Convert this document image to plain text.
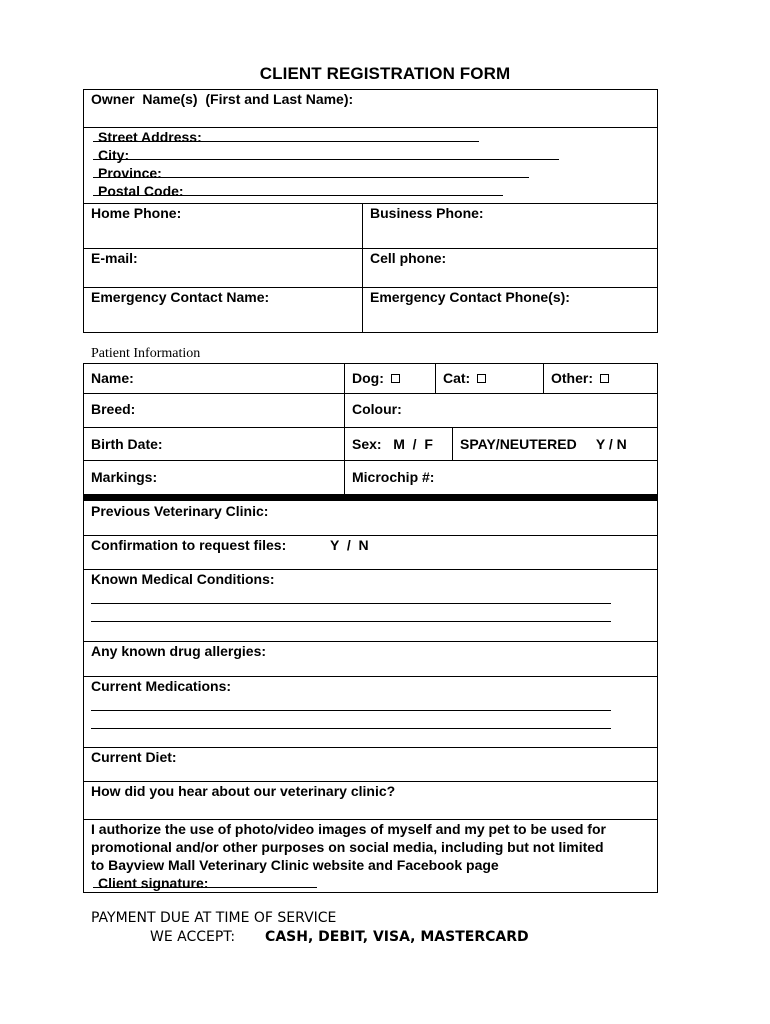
CLIENT REGISTRATION FORM
Owner  Name(s)  (First and Last Name):
Street Address:
City:
Province:
Postal Code:
Home Phone:	Business Phone:
E-mail:	Cell phone:
Emergency Contact Name:	Emergency Contact Phone(s):
Patient Information
Name:	Dog:	Cat:	Other:
Breed:	Colour:
Birth Date:	Sex:   M  /  F SPAY/NEUTERED     Y / N
Markings:	Microchip #:
Previous Veterinary Clinic:
Confirmation to request files:	Y  /  N
Known Medical Conditions:
Any known drug allergies:
Current Medications:
Current Diet:
How did you hear about our veterinary clinic?
I authorize the use of photo/video images of myself and my pet to be used for
promotional and/or other purposes on social media, including but not limited
to Bayview Mall Veterinary Clinic website and Facebook page
Client signature:
PAYMENT DUE AT TIME OF SERVICE
WE ACCEPT: CASH, DEBIT, VISA, MASTERCARD
